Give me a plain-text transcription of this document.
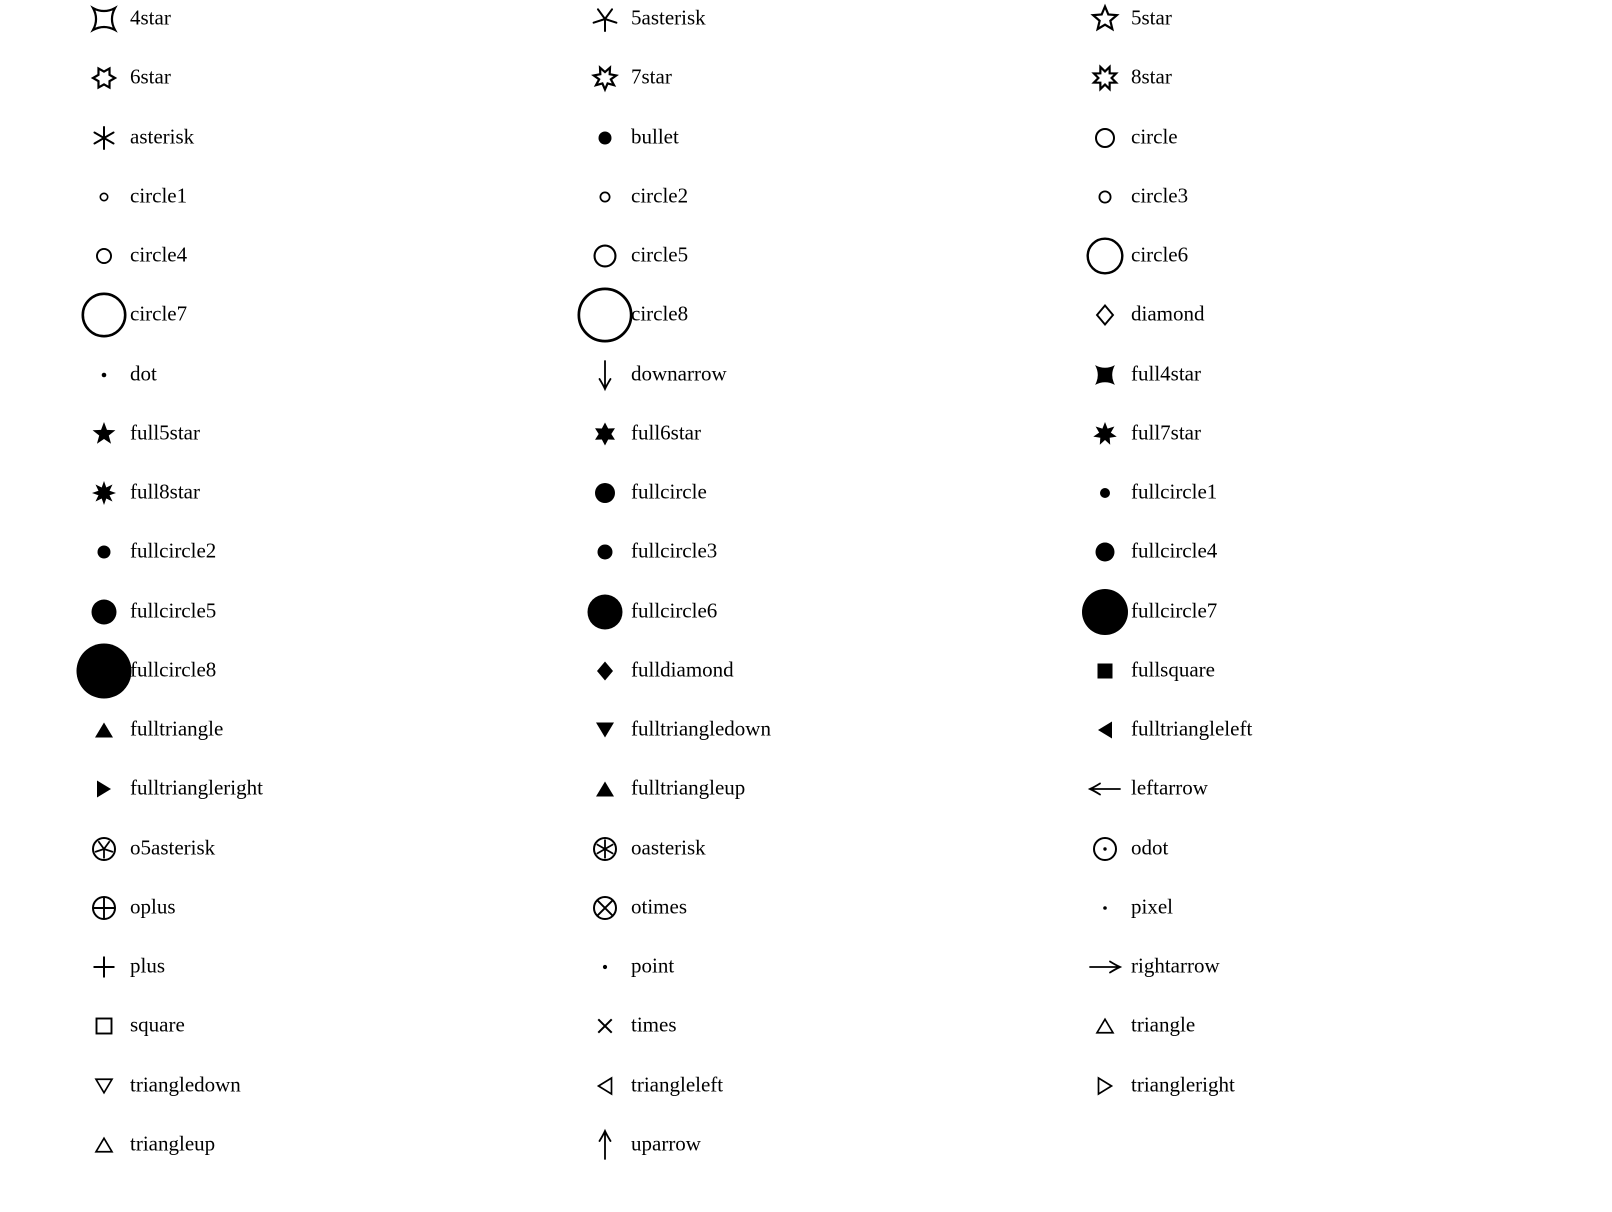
4star
6star
asterisk
circle1
circle4
circle7
dot
full5star
full8star
fullcircle2
fullcircle5
fullcircle8
fulltriangle
fulltriangleright
o5asterisk
oplus
plus
square
triangledown
triangleup
5asterisk
7star
bullet
circle2
circle5
circle8
downarrow
full6star
fullcircle
fullcircle3
fullcircle6
fulldiamond
fulltriangledown
fulltriangleup
oasterisk
otimes
point
times
triangleleft
uparrow
5star
8star
circle
circle3
circle6
diamond
full4star
full7star
fullcircle1
fullcircle4
fullcircle7
fullsquare
fulltriangleleft
leftarrow
odot
pixel
rightarrow
triangle
triangleright
